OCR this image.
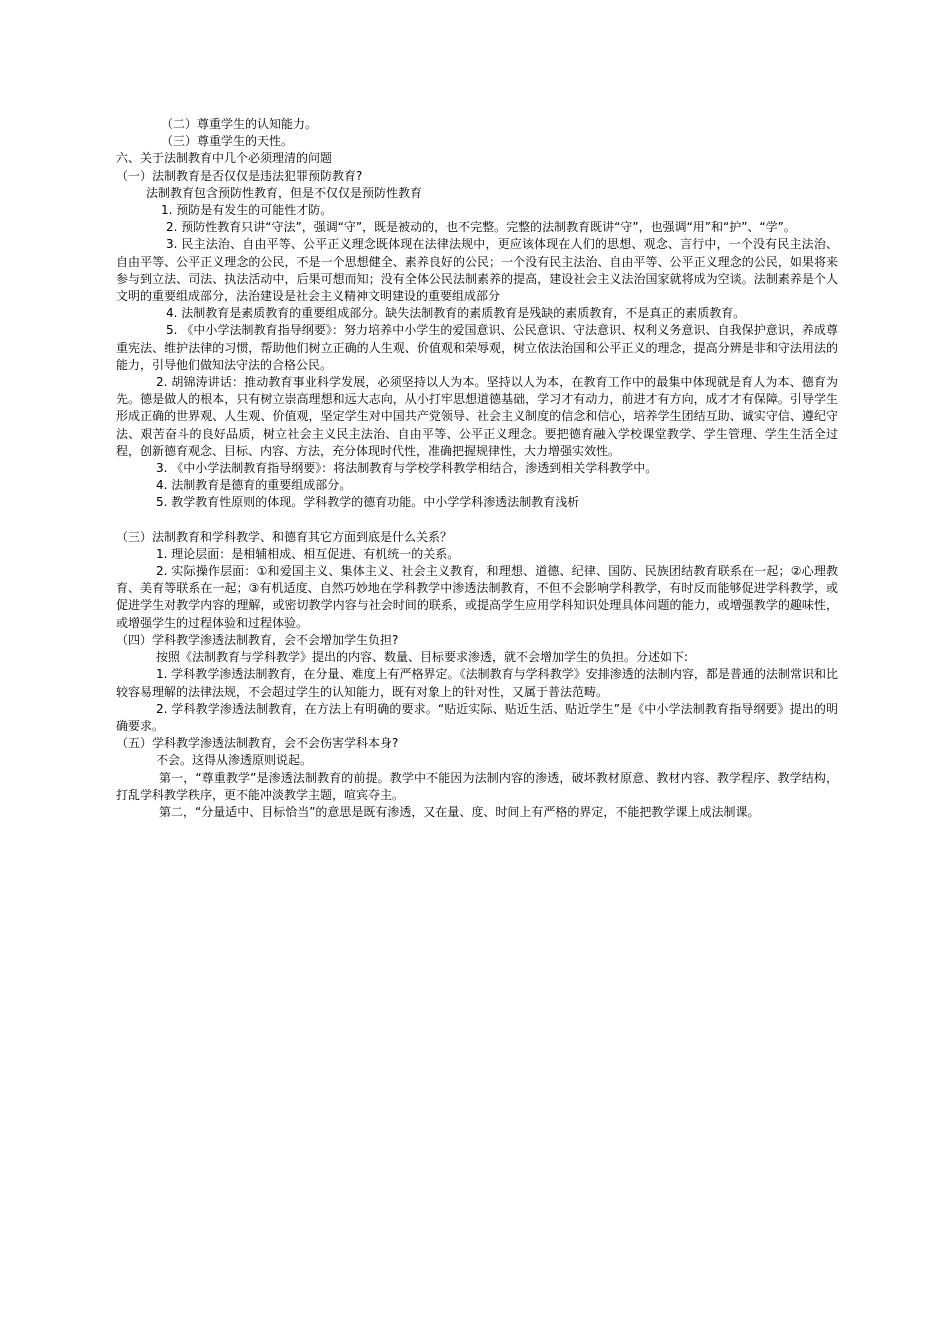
（二）尊重学生的认知能力。

（三）尊重学生的天性。

六、关于法制教育中几个必须理清的问题

（一）法制教育是否仅仅是违法犯罪预防教育?

法制教育包含预防性教育，但是不仅仅是预防性教育

1. 预防是有发生的可能性才防。

2. 预防性教育只讲“守法”，强调“守”，既是被动的，也不完整。完整的法制教育既讲“守”，也强调“用”和“护”、“学”。

3. 民主法治、自由平等、公平正义理念既体现在法律法规中，更应该体现在人们的思想、观念、言行中，一个没有民主法治、自由平等、公平正义理念的公民，不是一个思想健全、素养良好的公民；一个没有民主法治、自由平等、公平正义理念的公民，如果将来参与到立法、司法、执法活动中，后果可想而知；没有全体公民法制素养的提高，建设社会主义法治国家就将成为空谈。法制素养是个人文明的重要组成部分，法治建设是社会主义精神文明建设的重要组成部分

4. 法制教育是素质教育的重要组成部分。缺失法制教育的素质教育是残缺的素质教育，不是真正的素质教育。

5. 《中小学法制教育指导纲要》：努力培养中小学生的爱国意识、公民意识、守法意识、权利义务意识、自我保护意识，养成尊重宪法、维护法律的习惯，帮助他们树立正确的人生观、价值观和荣辱观，树立依法治国和公平正义的理念，提高分辨是非和守法用法的能力，引导他们做知法守法的合格公民。

2. 胡锦涛讲话：推动教育事业科学发展，必须坚持以人为本。坚持以人为本，在教育工作中的最集中体现就是育人为本、德育为先。德是做人的根本，只有树立崇高理想和远大志向，从小打牢思想道德基础，学习才有动力，前进才有方向，成才才有保障。引导学生形成正确的世界观、人生观、价值观，坚定学生对中国共产党领导、社会主义制度的信念和信心，培养学生团结互助、诚实守信、遵纪守法、艰苦奋斗的良好品质，树立社会主义民主法治、自由平等、公平正义理念。要把德育融入学校课堂教学、学生管理、学生生活全过程，创新德育观念、目标、内容、方法，充分体现时代性，准确把握规律性，大力增强实效性。

3. 《中小学法制教育指导纲要》：将法制教育与学校学科教学相结合，渗透到相关学科教学中。

4. 法制教育是德育的重要组成部分。

5. 教学教育性原则的体现。学科教学的德育功能。中小学学科渗透法制教育浅析

（三）法制教育和学科教学、和德育其它方面到底是什么关系？

1. 理论层面：是相辅相成、相互促进、有机统一的关系。

2. 实际操作层面：①和爱国主义、集体主义、社会主义教育，和理想、道德、纪律、国防、民族团结教育联系在一起；②心理教育、美育等联系在一起；③有机适度、自然巧妙地在学科教学中渗透法制教育，不但不会影响学科教学，有时反而能够促进学科教学，或促进学生对教学内容的理解，或密切教学内容与社会时间的联系，或提高学生应用学科知识处理具体问题的能力，或增强教学的趣味性，或增强学生的过程体验和过程体验。

（四）学科教学渗透法制教育，会不会增加学生负担?

按照《法制教育与学科教学》提出的内容、数量、目标要求渗透，就不会增加学生的负担。分述如下:

1. 学科教学渗透法制教育，在分量、难度上有严格界定。《法制教育与学科教学》安排渗透的法制内容，都是普通的法制常识和比较容易理解的法律法规，不会超过学生的认知能力，既有对象上的针对性，又属于普法范畴。

2. 学科教学渗透法制教育，在方法上有明确的要求。“贴近实际、贴近生活、贴近学生”是《中小学法制教育指导纲要》提出的明确要求。

（五）学科教学渗透法制教育，会不会伤害学科本身?

不会。这得从渗透原则说起。

第一，“尊重教学”是渗透法制教育的前提。教学中不能因为法制内容的渗透，破坏教材原意、教材内容、教学程序、教学结构，打乱学科教学秩序，更不能冲淡教学主题，喧宾夺主。

第二，“分量适中、目标恰当”的意思是既有渗透，又在量、度、时间上有严格的界定，不能把教学课上成法制课。
